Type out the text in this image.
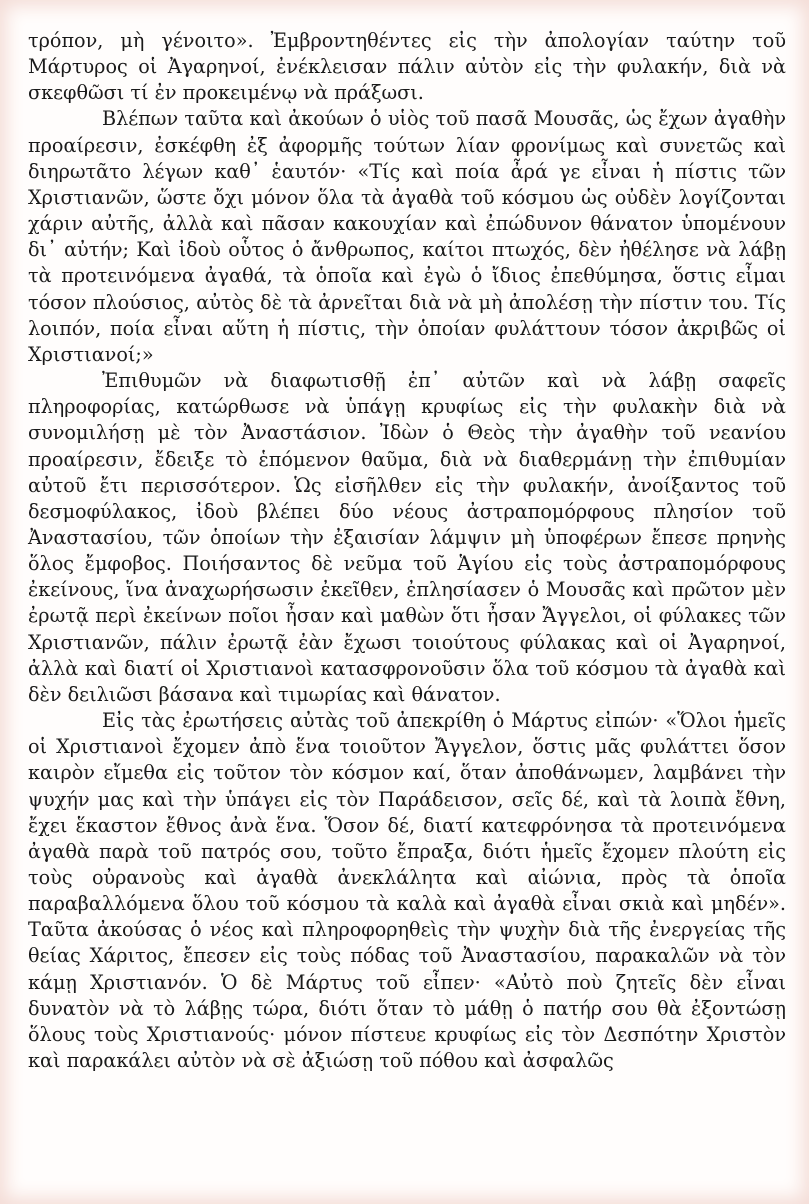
τρόπον, μὴ γένοιτο». Ἐμβροντηθέντες εἰς τὴν ἀπολογίαν ταύτην τοῦ Μάρτυρος οἱ Ἀγαρηνοί, ἐνέκλεισαν πάλιν αὐτὸν εἰς τὴν φυλακήν, διὰ νὰ σκεφθῶσι τί ἐν προκειμένῳ νὰ πράξωσι.

Βλέπων ταῦτα καὶ ἀκούων ὁ υἱὸς τοῦ πασᾶ Μουσᾶς, ὡς ἔχων ἀγαθὴν προαίρεσιν, ἐσκέφθη ἐξ ἀφορμῆς τούτων λίαν φρονίμως καὶ συνετῶς καὶ διηρωτᾶτο λέγων καθ᾽ ἑαυτόν· «Τίς καὶ ποία ἆρά γε εἶναι ἡ πίστις τῶν Χριστιανῶν, ὥστε ὄχι μόνον ὅλα τὰ ἀγαθὰ τοῦ κόσμου ὡς οὐδὲν λογίζονται χάριν αὐτῆς, ἀλλὰ καὶ πᾶσαν κακουχίαν καὶ ἐπώδυνον θάνατον ὑπομένουν δι᾽ αὐτήν; Καὶ ἰδοὺ οὗτος ὁ ἄνθρωπος, καίτοι πτωχός, δὲν ἠθέλησε νὰ λάβῃ τὰ προτεινόμενα ἀγαθά, τὰ ὁποῖα καὶ ἐγὼ ὁ ἴδιος ἐπεθύμησα, ὅστις εἶμαι τόσον πλούσιος, αὐτὸς δὲ τὰ ἀρνεῖται διὰ νὰ μὴ ἀπολέσῃ τὴν πίστιν του. Τίς λοιπόν, ποία εἶναι αὕτη ἡ πίστις, τὴν ὁποίαν φυλάττουν τόσον ἀκριβῶς οἱ Χριστιανοί;»

Ἐπιθυμῶν νὰ διαφωτισθῇ ἐπ᾽ αὐτῶν καὶ νὰ λάβῃ σαφεῖς πληροφορίας, κατώρθωσε νὰ ὑπάγῃ κρυφίως εἰς τὴν φυλακὴν διὰ νὰ συνομιλήσῃ μὲ τὸν Ἀναστάσιον. Ἰδὼν ὁ Θεὸς τὴν ἀγαθὴν τοῦ νεανίου προαίρεσιν, ἔδειξε τὸ ἑπόμενον θαῦμα, διὰ νὰ διαθερμάνῃ τὴν ἐπιθυμίαν αὐτοῦ ἔτι περισσότερον. Ὡς εἰσῆλθεν εἰς τὴν φυλακήν, ἀνοίξαντος τοῦ δεσμοφύλακος, ἰδοὺ βλέπει δύο νέους ἀστραπομόρφους πλησίον τοῦ Ἀναστασίου, τῶν ὁποίων τὴν ἐξαισίαν λάμψιν μὴ ὑποφέρων ἔπεσε πρηνὴς ὅλος ἔμφοβος. Ποιήσαντος δὲ νεῦμα τοῦ Ἁγίου εἰς τοὺς ἀστραπομόρφους ἐκείνους, ἵνα ἀναχωρήσωσιν ἐκεῖθεν, ἐπλησίασεν ὁ Μουσᾶς καὶ πρῶτον μὲν ἐρωτᾷ περὶ ἐκείνων ποῖοι ἦσαν καὶ μαθὼν ὅτι ἦσαν Ἄγγελοι, οἱ φύλακες τῶν Χριστιανῶν, πάλιν ἐρωτᾷ ἐὰν ἔχωσι τοιούτους φύλακας καὶ οἱ Ἀγαρηνοί, ἀλλὰ καὶ διατί οἱ Χριστιανοὶ κατασφρονοῦσιν ὅλα τοῦ κόσμου τὰ ἀγαθὰ καὶ δὲν δειλιῶσι βάσανα καὶ τιμωρίας καὶ θάνατον.

Εἰς τὰς ἐρωτήσεις αὐτὰς τοῦ ἀπεκρίθη ὁ Μάρτυς εἰπών· «Ὅλοι ἡμεῖς οἱ Χριστιανοὶ ἔχομεν ἀπὸ ἕνα τοιοῦτον Ἄγγελον, ὅστις μᾶς φυλάττει ὅσον καιρὸν εἴμεθα εἰς τοῦτον τὸν κόσμον καί, ὅταν ἀποθάνωμεν, λαμβάνει τὴν ψυχήν μας καὶ τὴν ὑπάγει εἰς τὸν Παράδεισον, σεῖς δέ, καὶ τὰ λοιπὰ ἔθνη, ἔχει ἕκαστον ἔθνος ἀνὰ ἕνα. Ὅσον δέ, διατί κατεφρόνησα τὰ προτεινόμενα ἀγαθὰ παρὰ τοῦ πατρός σου, τοῦτο ἔπραξα, διότι ἡμεῖς ἔχομεν πλούτη εἰς τοὺς οὐρανοὺς καὶ ἀγαθὰ ἀνεκλάλητα καὶ αἰώνια, πρὸς τὰ ὁποῖα παραβαλλόμενα ὅλου τοῦ κόσμου τὰ καλὰ καὶ ἀγαθὰ εἶναι σκιὰ καὶ μηδέν». Ταῦτα ἀκούσας ὁ νέος καὶ πληροφορηθεὶς τὴν ψυχὴν διὰ τῆς ἐνεργείας τῆς θείας Χάριτος, ἔπεσεν εἰς τοὺς πόδας τοῦ Ἀναστασίου, παρακαλῶν νὰ τὸν κάμῃ Χριστιανόν. Ὁ δὲ Μάρτυς τοῦ εἶπεν· «Αὐτὸ ποὺ ζητεῖς δὲν εἶναι δυνατὸν νὰ τὸ λάβῃς τώρα, διότι ὅταν τὸ μάθῃ ὁ πατήρ σου θὰ ἐξοντώσῃ ὅλους τοὺς Χριστιανούς· μόνον πίστευε κρυφίως εἰς τὸν Δεσπότην Χριστὸν καὶ παρακάλει αὐτὸν νὰ σὲ ἀξιώσῃ τοῦ πόθου καὶ ἀσφαλῶς
